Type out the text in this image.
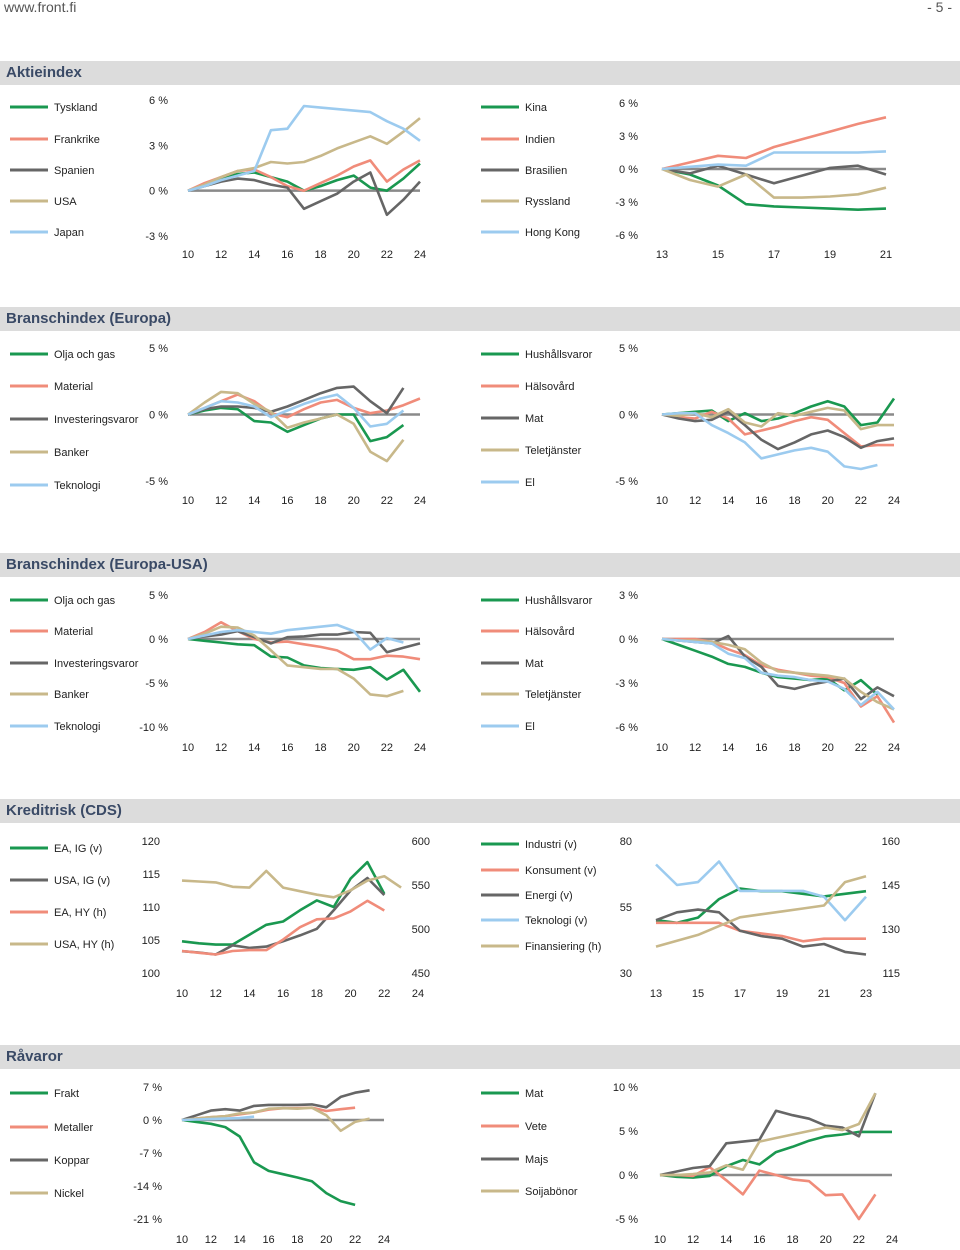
www.front.fi	- 5 -
Aktieindex
Branschindex (Europa)
Branschindex (Europa-USA)
Kreditrisk (CDS)
Råvaror
6 %
3 %
0 %
-3 %
10 12 14 16 18 20 22 24
Tyskland
Frankrike
Spanien
USA
Japan
6 %
3 %
0 %
-3 %
-6 %
13	15	17	19	21
Kina
Indien
Brasilien
Ryssland
Hong Kong
5 %
0 %
-5 %
10 12 14 16 18 20 22 24
Olja och gas
Material
Investeringsvaror
Banker
Teknologi
5 %
0 %
-5 %
10 12 14 16 18 20 22 24
Hushållsvaror
Hälsovård
Mat
Teletjänster
El
5 %
0 %
-5 %
-10 %
10 12 14 16 18 20 22 24
Olja och gas
Material
Investeringsvaror
Banker
Teknologi
3 %
0 %
-3 %
-6 %
10 12 14 16 18 20 22 24
Hushållsvaror
Hälsovård
Mat
Teletjänster
El
120
115
110
105
100
600
550
500
450
10 12 14 16 18 20 22 24
EA, IG (v)
USA, IG (v)
EA, HY (h)
USA, HY (h)
80
55
30
160
145
130
115
13	15	17	19	21	23
Industri (v)
Konsument (v)
Energi (v)
Teknologi (v)
Finansiering (h)
7 %
0 %
-7 %
-14 %
-21 %
10 12 14 16 18 20 22 24
Frakt
Metaller
Koppar
Nickel
10 %
5 %
0 %
-5 %
10 12 14 16 18 20 22 24
Mat
Vete
Majs
Soijabönor
